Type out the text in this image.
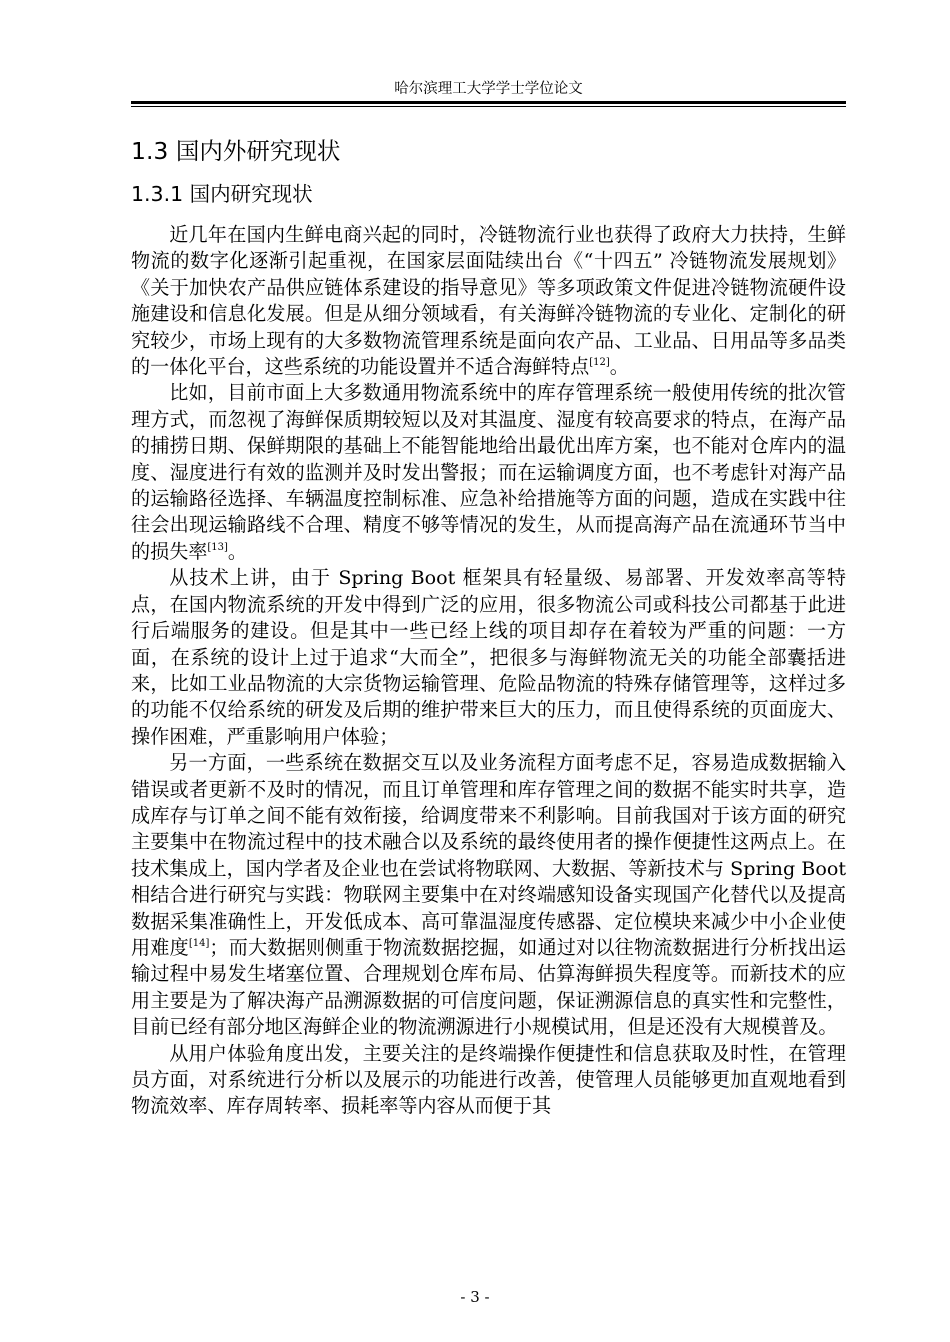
哈尔滨理工大学学士学位论文
1.3 国内外研究现状
1.3.1 国内研究现状

近几年在国内生鲜电商兴起的同时，冷链物流行业也获得了政府大力扶持，生鲜物流的数字化逐渐引起重视，在国家层面陆续出台《“十四五” 冷链物流发展规划》《关于加快农产品供应链体系建设的指导意见》等多项政策文件促进冷链物流硬件设施建设和信息化发展。但是从细分领域看，有关海鲜冷链物流的专业化、定制化的研究较少，市场上现有的大多数物流管理系统是面向农产品、工业品、日用品等多品类的一体化平台，这些系统的功能设置并不适合海鲜特点[12]。

比如，目前市面上大多数通用物流系统中的库存管理系统一般使用传统的批次管理方式，而忽视了海鲜保质期较短以及对其温度、湿度有较高要求的特点，在海产品的捕捞日期、保鲜期限的基础上不能智能地给出最优出库方案，也不能对仓库内的温度、湿度进行有效的监测并及时发出警报；而在运输调度方面，也不考虑针对海产品的运输路径选择、车辆温度控制标准、应急补给措施等方面的问题，造成在实践中往往会出现运输路线不合理、精度不够等情况的发生，从而提高海产品在流通环节当中的损失率[13]。

从技术上讲，由于 Spring Boot 框架具有轻量级、易部署、开发效率高等特点，在国内物流系统的开发中得到广泛的应用，很多物流公司或科技公司都基于此进行后端服务的建设。但是其中一些已经上线的项目却存在着较为严重的问题：一方面，在系统的设计上过于追求“大而全”，把很多与海鲜物流无关的功能全部囊括进来，比如工业品物流的大宗货物运输管理、危险品物流的特殊存储管理等，这样过多的功能不仅给系统的研发及后期的维护带来巨大的压力，而且使得系统的页面庞大、操作困难，严重影响用户体验；

另一方面，一些系统在数据交互以及业务流程方面考虑不足，容易造成数据输入错误或者更新不及时的情况，而且订单管理和库存管理之间的数据不能实时共享，造成库存与订单之间不能有效衔接，给调度带来不利影响。目前我国对于该方面的研究主要集中在物流过程中的技术融合以及系统的最终使用者的操作便捷性这两点上。在技术集成上，国内学者及企业也在尝试将物联网、大数据、等新技术与 Spring Boot 相结合进行研究与实践：物联网主要集中在对终端感知设备实现国产化替代以及提高数据采集准确性上，开发低成本、高可靠温湿度传感器、定位模块来减少中小企业使用难度[14]；而大数据则侧重于物流数据挖掘，如通过对以往物流数据进行分析找出运输过程中易发生堵塞位置、合理规划仓库布局、估算海鲜损失程度等。而新技术的应用主要是为了解决海产品溯源数据的可信度问题，保证溯源信息的真实性和完整性，目前已经有部分地区海鲜企业的物流溯源进行小规模试用，但是还没有大规模普及。

从用户体验角度出发，主要关注的是终端操作便捷性和信息获取及时性，在管理员方面，对系统进行分析以及展示的功能进行改善，使管理人员能够更加直观地看到物流效率、库存周转率、损耗率等内容从而便于其

- 3 -
